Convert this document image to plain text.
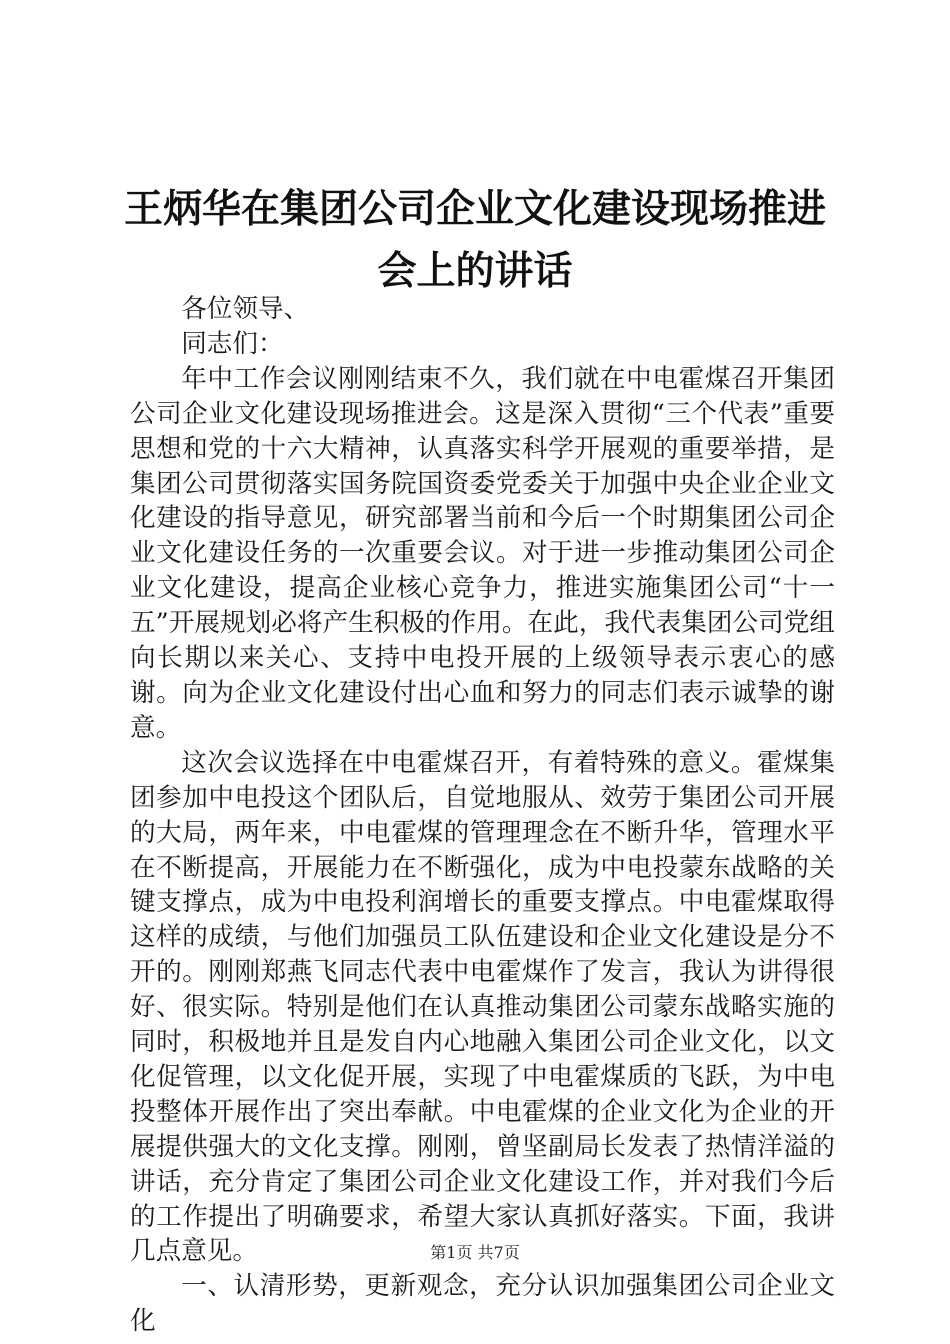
王炳华在集团公司企业文化建设现场推进会上的讲话

各位领导、

同志们：

年中工作会议刚刚结束不久，我们就在中电霍煤召开集团公司企业文化建设现场推进会。这是深入贯彻“三个代表”重要思想和党的十六大精神，认真落实科学开展观的重要举措，是集团公司贯彻落实国务院国资委党委关于加强中央企业企业文化建设的指导意见，研究部署当前和今后一个时期集团公司企业文化建设任务的一次重要会议。对于进一步推动集团公司企业文化建设，提高企业核心竞争力，推进实施集团公司“十一五”开展规划必将产生积极的作用。在此，我代表集团公司党组向长期以来关心、支持中电投开展的上级领导表示衷心的感谢。向为企业文化建设付出心血和努力的同志们表示诚挚的谢意。

这次会议选择在中电霍煤召开，有着特殊的意义。霍煤集团参加中电投这个团队后，自觉地服从、效劳于集团公司开展的大局，两年来，中电霍煤的管理理念在不断升华，管理水平在不断提高，开展能力在不断强化，成为中电投蒙东战略的关键支撑点，成为中电投利润增长的重要支撑点。中电霍煤取得这样的成绩，与他们加强员工队伍建设和企业文化建设是分不开的。刚刚郑燕飞同志代表中电霍煤作了发言，我认为讲得很好、很实际。特别是他们在认真推动集团公司蒙东战略实施的同时，积极地并且是发自内心地融入集团公司企业文化，以文化促管理，以文化促开展，实现了中电霍煤质的飞跃，为中电投整体开展作出了突出奉献。中电霍煤的企业文化为企业的开展提供强大的文化支撑。刚刚，曾坚副局长发表了热情洋溢的讲话，充分肯定了集团公司企业文化建设工作，并对我们今后的工作提出了明确要求，希望大家认真抓好落实。下面，我讲几点意见。

一、认清形势，更新观念，充分认识加强集团公司企业文化

第1页 共7页
